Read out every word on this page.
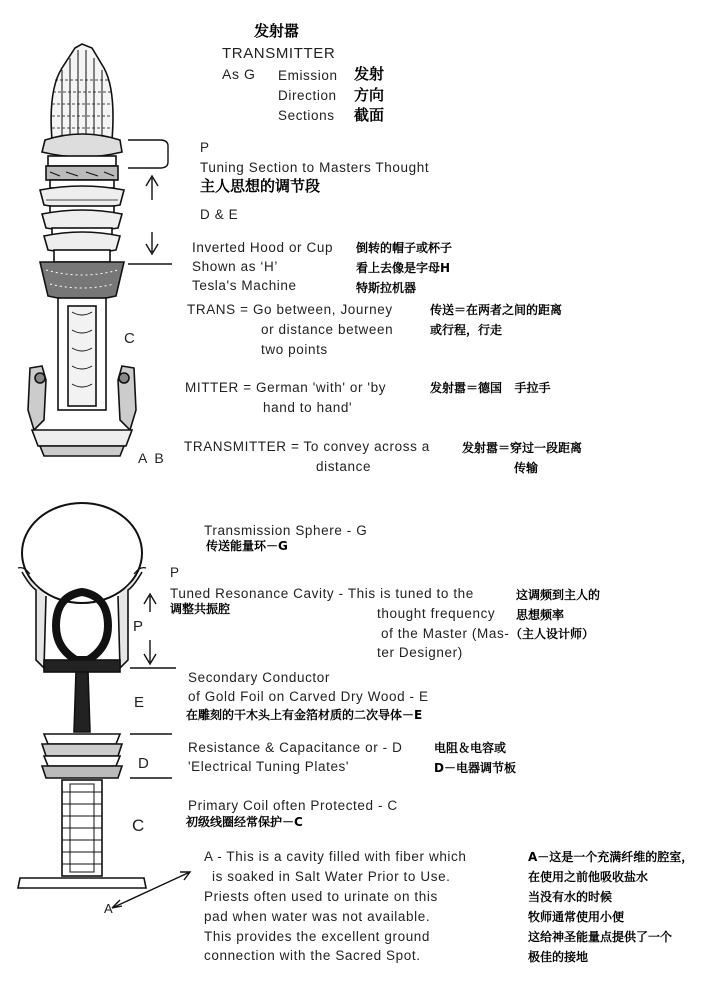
发射嚣
TRANSMITTER
As G Emission 发射
Direction 方向
Sections 截面
P
Tuning Section to Masters Thought
主人思想的调节段
D & E
Inverted Hood or Cup
Shown as ‘H’
Tesla's Machine
倒转的帽子或杯子
看上去像是字母H
特斯拉机器
C
TRANS = Go between, Journey
or distance between
two points
传送＝在两者之间的距离
或行程，行走
MITTER = German 'with' or 'by
hand to hand'
发射嚣＝德国   手拉手
TRANSMITTER = To convey across a
distance
发射嚣＝穿过一段距离
传输
A  B
Transmission Sphere - G
传送能量环－G
P
Tuned Resonance Cavity - This is tuned to the
thought frequency
of the Master (Mas-
ter Designer)
调整共振腔
这调频到主人的
思想频率
（主人设计师）
P
Secondary Conductor
of Gold Foil on Carved Dry Wood - E
在雕刻的干木头上有金箔材质的二次导体－E
E
Resistance & Capacitance or - D
'Electrical Tuning Plates'
电阻＆电容或
D－电器调节板
D
Primary Coil often Protected - C
初级线圈经常保护－C
C
A - This is a cavity filled with fiber which
is soaked in Salt Water Prior to Use.
Priests often used to urinate on this
pad when water was not available.
This provides the excellent ground
connection with the Sacred Spot.
A－这是一个充满纤维的腔室，
在使用之前他吸收盐水
当没有水的时候
牧师通常使用小便
这给神圣能量点提供了一个
极佳的接地
A
